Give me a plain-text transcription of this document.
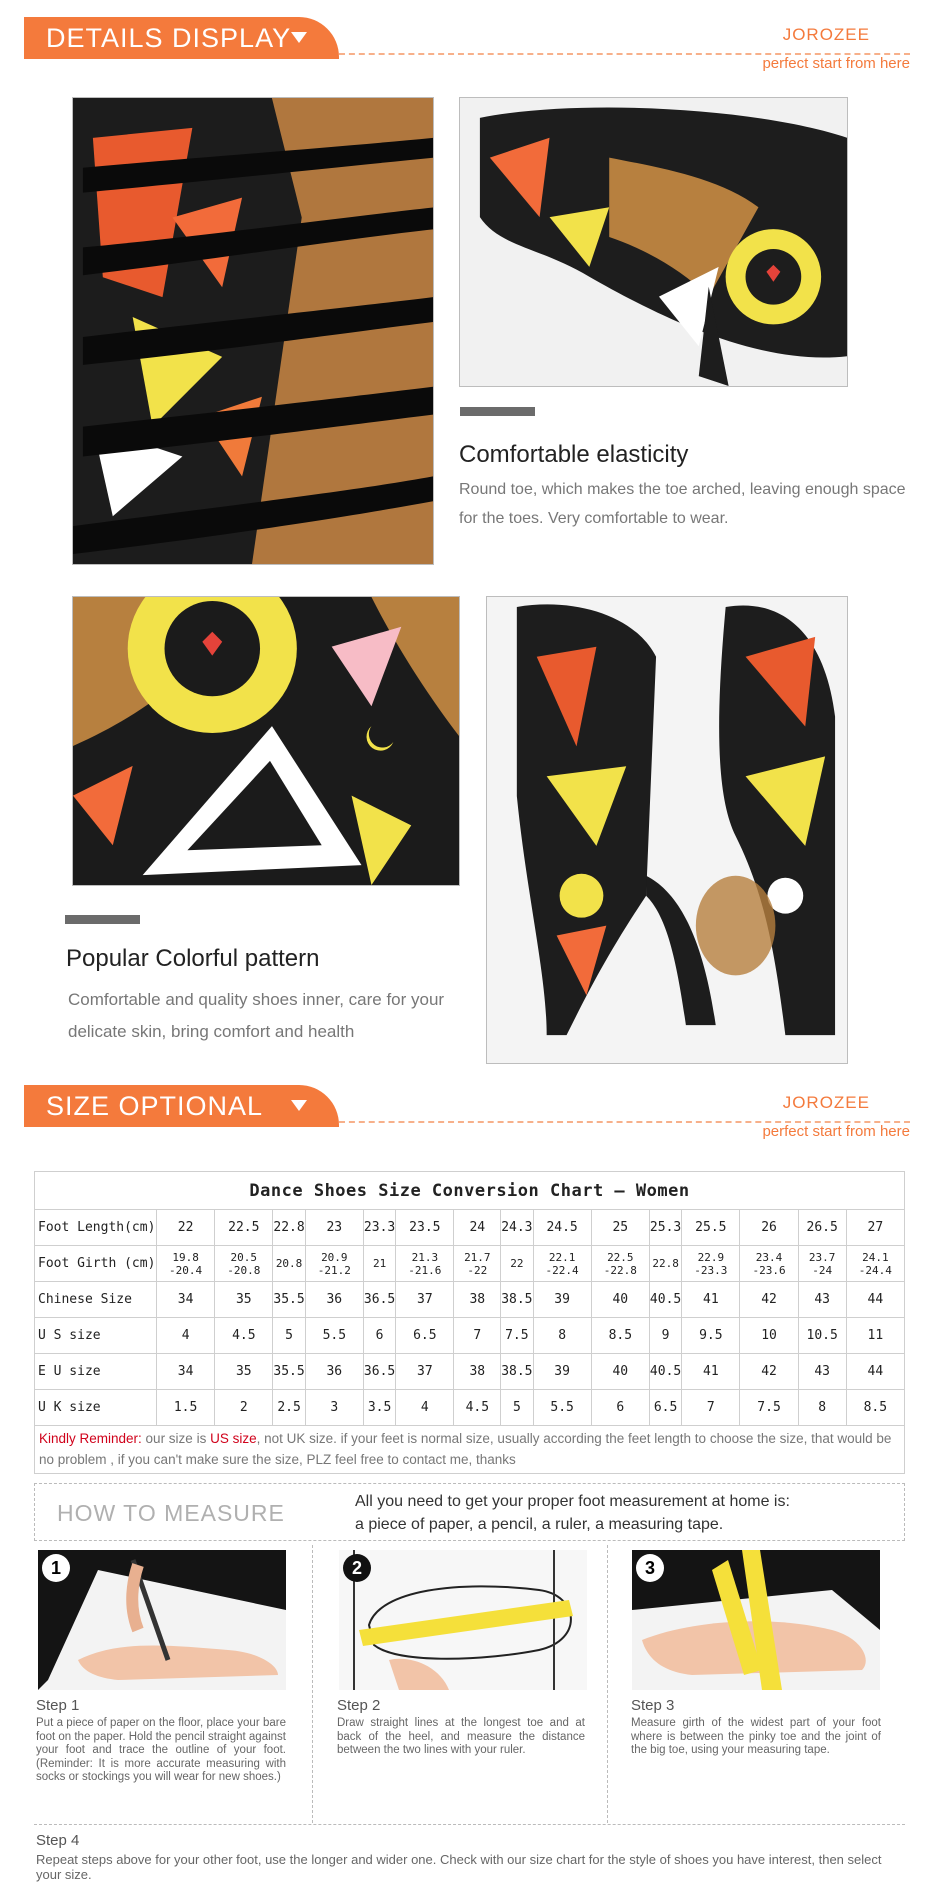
DETAILS DISPLAY	JOROZEE
perfect start from here
Comfortable elasticity
Round toe, which makes the toe arched, leaving enough space for the toes. Very comfortable to wear.
Popular Colorful pattern
Comfortable and quality shoes inner, care for your delicate skin, bring comfort and health
SIZE OPTIONAL	JOROZEE
perfect start from here
Dance Shoes Size Conversion Chart — Women															
Foot Length(cm)	22	22.5	22.8	23	23.3	23.5	24	24.3	24.5	25	25.3	25.5	26	26.5	27
Foot Girth (cm)	19.8 -20.4	20.5 -20.8	20.8	20.9 -21.2	21	21.3 -21.6	21.7 -22	22	22.1 -22.4	22.5 -22.8	22.8	22.9 -23.3	23.4 -23.6	23.7 -24	24.1 -24.4
Chinese Size	34	35	35.5	36	36.5	37	38	38.5	39	40	40.5	41	42	43	44
U S size	4	4.5	5	5.5	6	6.5	7	7.5	8	8.5	9	9.5	10	10.5	11
E U size	34	35	35.5	36	36.5	37	38	38.5	39	40	40.5	41	42	43	44
U K size	1.5	2	2.5	3	3.5	4	4.5	5	5.5	6	6.5	7	7.5	8	8.5
Kindly Reminder: our size is US size, not UK size. if your feet is normal size, usually according the feet length to choose the size, that would be no problem , if you can't make sure the size, PLZ feel free to contact me, thanks
HOW TO MEASURE	All you need to get your proper foot measurement at home is:
a piece of paper, a pencil, a ruler, a measuring tape.
1
Step 1
Put a piece of paper on the floor, place your bare foot on the paper. Hold the pencil straight against your foot and trace the outline of your foot. (Reminder: It is more accurate measuring with socks or stockings you will wear for new shoes.)
2
Step 2
Draw straight lines at the longest toe and at back of the heel, and measure the distance between the two lines with your ruler.
3
Step 3
Measure girth of the widest part of your foot where is between the pinky toe and the joint of the big toe, using your measuring tape.
Step 4
Repeat steps above for your other foot, use the longer and wider one. Check with our size chart for the style of shoes you have interest, then select your size.
